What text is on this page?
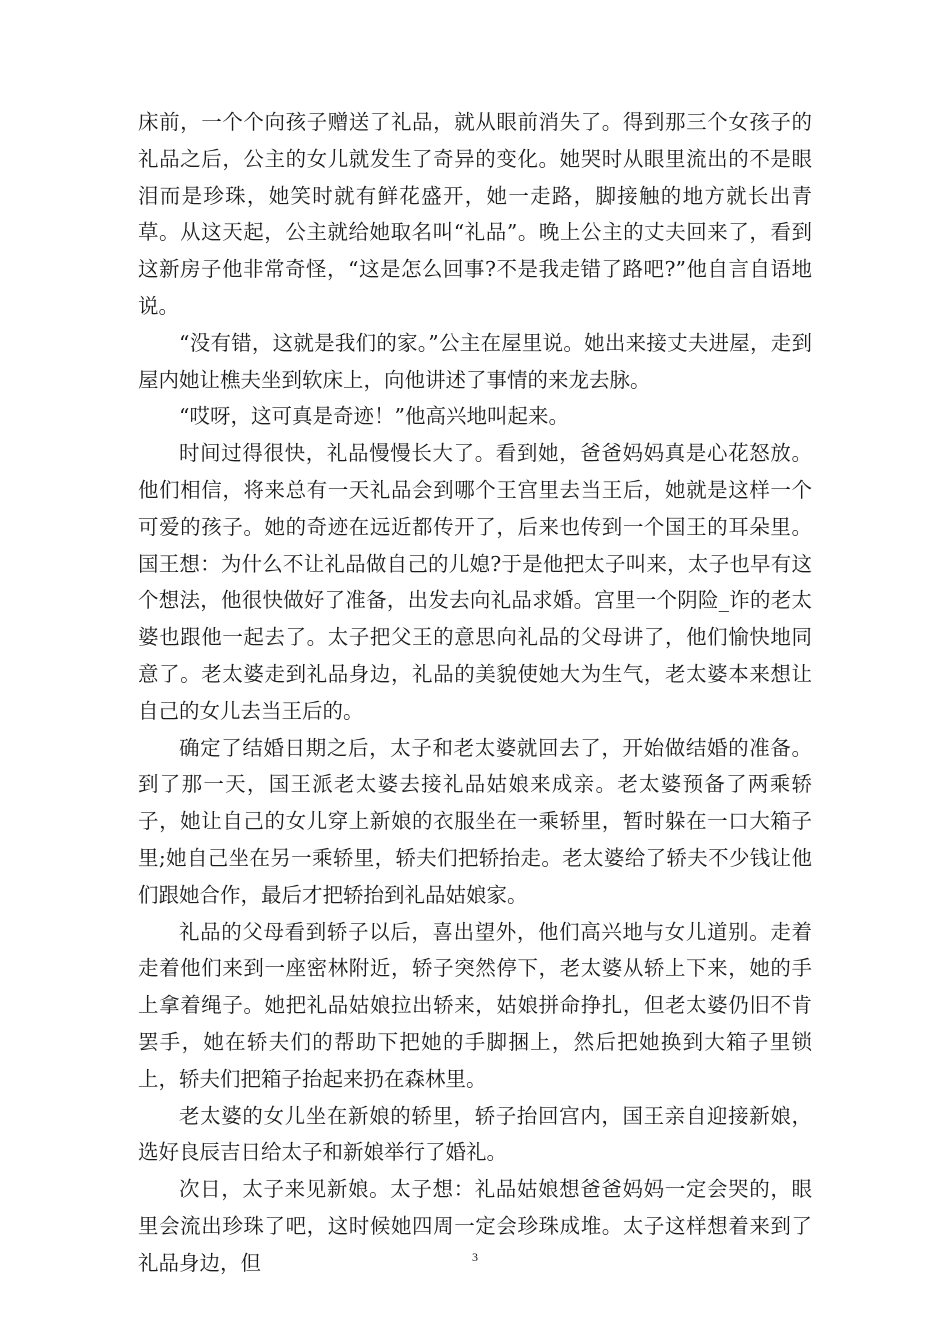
床前，一个个向孩子赠送了礼品，就从眼前消失了。得到那三个女孩子的礼品之后，公主的女儿就发生了奇异的变化。她哭时从眼里流出的不是眼泪而是珍珠，她笑时就有鲜花盛开，她一走路，脚接触的地方就长出青草。从这天起，公主就给她取名叫“礼品”。晚上公主的丈夫回来了，看到这新房子他非常奇怪，“这是怎么回事?不是我走错了路吧?”他自言自语地说。

“没有错，这就是我们的家。”公主在屋里说。她出来接丈夫进屋，走到屋内她让樵夫坐到软床上，向他讲述了事情的来龙去脉。

“哎呀，这可真是奇迹！”他高兴地叫起来。

时间过得很快，礼品慢慢长大了。看到她，爸爸妈妈真是心花怒放。他们相信，将来总有一天礼品会到哪个王宫里去当王后，她就是这样一个可爱的孩子。她的奇迹在远近都传开了，后来也传到一个国王的耳朵里。国王想：为什么不让礼品做自己的儿媳?于是他把太子叫来，太子也早有这个想法，他很快做好了准备，出发去向礼品求婚。宫里一个阴险_诈的老太婆也跟他一起去了。太子把父王的意思向礼品的父母讲了，他们愉快地同意了。老太婆走到礼品身边，礼品的美貌使她大为生气，老太婆本来想让自己的女儿去当王后的。

确定了结婚日期之后，太子和老太婆就回去了，开始做结婚的准备。到了那一天，国王派老太婆去接礼品姑娘来成亲。老太婆预备了两乘轿子，她让自己的女儿穿上新娘的衣服坐在一乘轿里，暂时躲在一口大箱子里;她自己坐在另一乘轿里，轿夫们把轿抬走。老太婆给了轿夫不少钱让他们跟她合作，最后才把轿抬到礼品姑娘家。

礼品的父母看到轿子以后，喜出望外，他们高兴地与女儿道别。走着走着他们来到一座密林附近，轿子突然停下，老太婆从轿上下来，她的手上拿着绳子。她把礼品姑娘拉出轿来，姑娘拼命挣扎，但老太婆仍旧不肯罢手，她在轿夫们的帮助下把她的手脚捆上，然后把她换到大箱子里锁上，轿夫们把箱子抬起来扔在森林里。

老太婆的女儿坐在新娘的轿里，轿子抬回宫内，国王亲自迎接新娘，选好良辰吉日给太子和新娘举行了婚礼。

次日，太子来见新娘。太子想：礼品姑娘想爸爸妈妈一定会哭的，眼里会流出珍珠了吧，这时候她四周一定会珍珠成堆。太子这样想着来到了礼品身边，但	3
